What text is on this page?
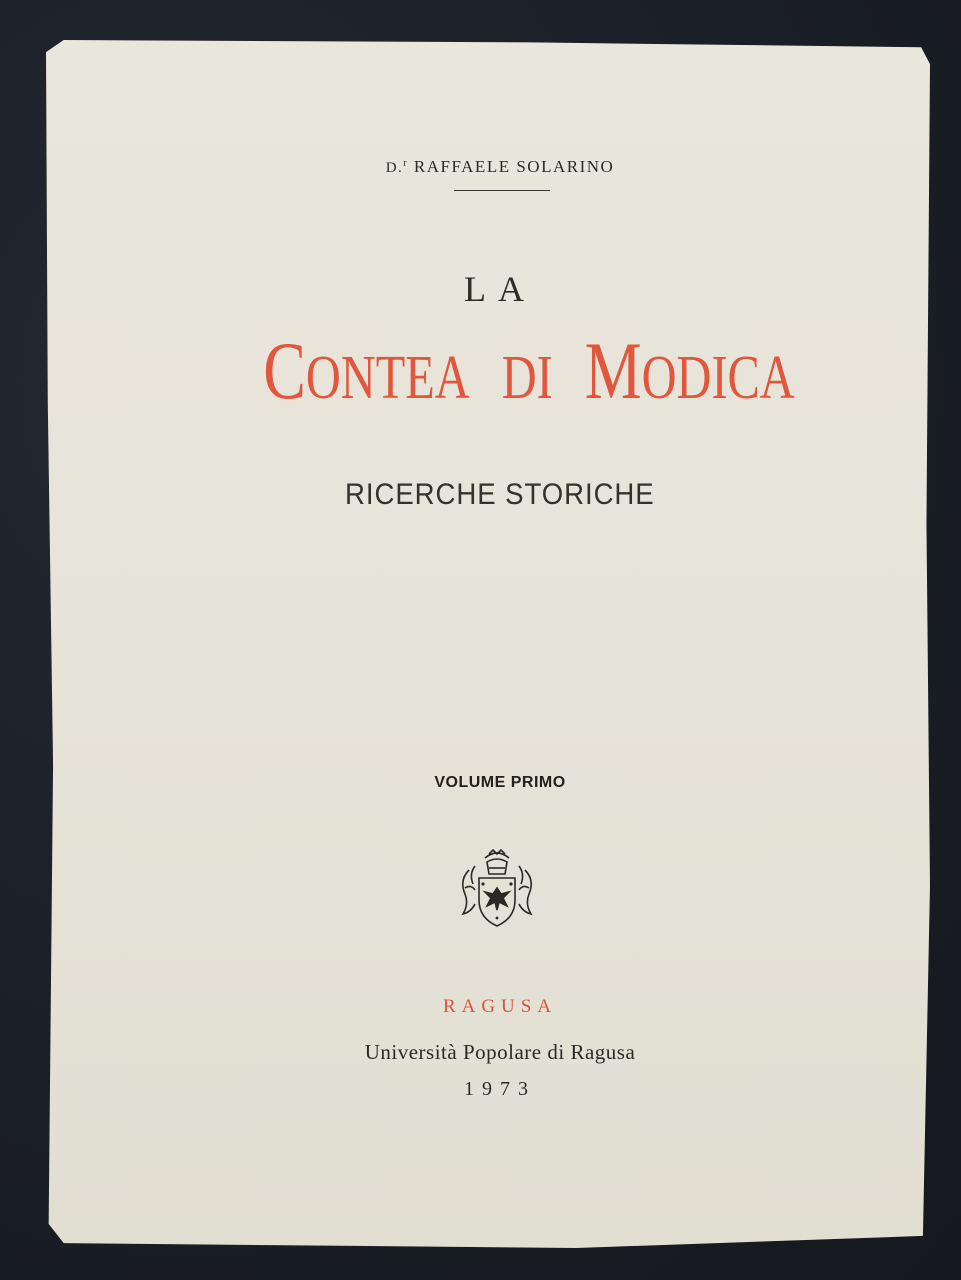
D.$^r$ RAFFAELE SOLARINO
LA
CONTEA DI MODICA
RICERCHE STORICHE
VOLUME PRIMO
RAGUSA
Università Popolare di Ragusa
1973
